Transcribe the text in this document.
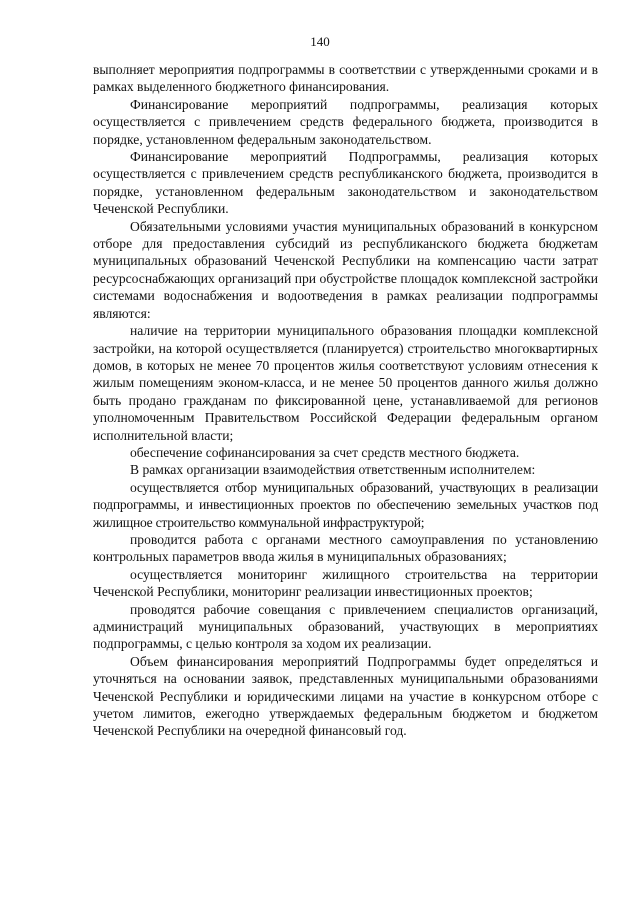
140

выполняет мероприятия подпрограммы в соответствии с утвержденными сроками и в рамках выделенного бюджетного финансирования.

Финансирование мероприятий подпрограммы, реализация которых осуществляется с привлечением средств федерального бюджета, производится в порядке, установленном федеральным законодательством.

Финансирование мероприятий Подпрограммы, реализация которых осуществляется с привлечением средств республиканского бюджета, производится в порядке, установленном федеральным законодательством и законодательством Чеченской Республики.

Обязательными условиями участия муниципальных образований в конкурсном отборе для предоставления субсидий из республиканского бюджета бюджетам муниципальных образований Чеченской Республики на компенсацию части затрат ресурсоснабжающих организаций при обустройстве площадок комплексной застройки системами водоснабжения и водоотведения в рамках реализации подпрограммы являются:

наличие на территории муниципального образования площадки комплексной застройки, на которой осуществляется (планируется) строительство многоквартирных домов, в которых не менее 70 процентов жилья соответствуют условиям отнесения к жилым помещениям эконом-класса, и не менее 50 процентов данного жилья должно быть продано гражданам по фиксированной цене, устанавливаемой для регионов уполномоченным Правительством Российской Федерации федеральным органом исполнительной власти;

обеспечение софинансирования за счет средств местного бюджета.

В рамках организации взаимодействия ответственным исполнителем:

осуществляется отбор муниципальных образований, участвующих в реализации подпрограммы, и инвестиционных проектов по обеспечению земельных участков под жилищное строительство коммунальной инфраструктурой;

проводится работа с органами местного самоуправления по установлению контрольных параметров ввода жилья в муниципальных образованиях;

осуществляется мониторинг жилищного строительства на территории Чеченской Республики, мониторинг реализации инвестиционных проектов;

проводятся рабочие совещания с привлечением специалистов организаций, администраций муниципальных образований, участвующих в мероприятиях подпрограммы, с целью контроля за ходом их реализации.

Объем финансирования мероприятий Подпрограммы будет определяться и уточняться на основании заявок, представленных муниципальными образованиями Чеченской Республики и юридическими лицами на участие в конкурсном отборе с учетом лимитов, ежегодно утверждаемых федеральным бюджетом и бюджетом Чеченской Республики на очередной финансовый год.
